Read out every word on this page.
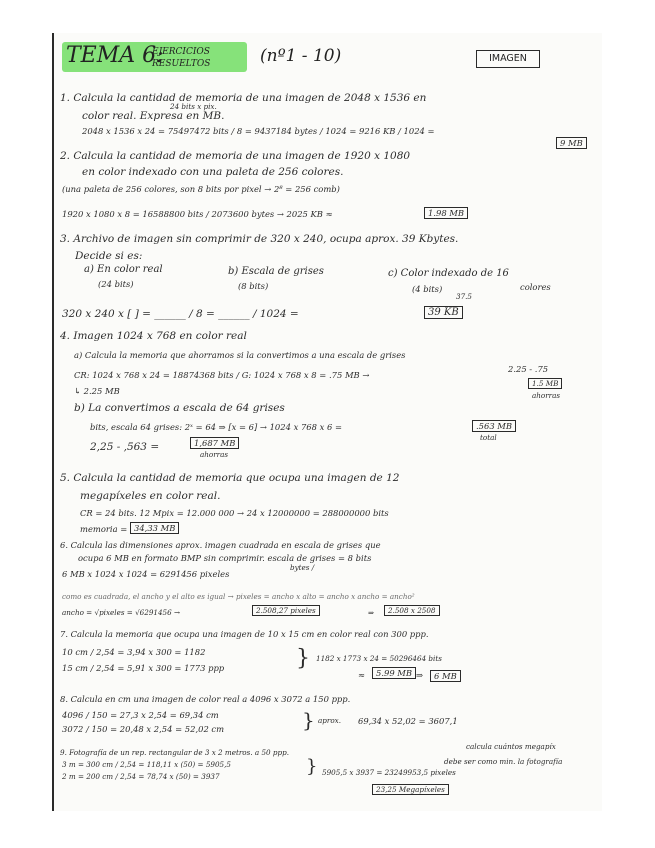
TEMA 6:
EJERCICIOS
RESUELTOS	(nº1 - 10)	IMAGEN
1. Calcula la cantidad de memoria de una imagen de 2048 x 1536 en
24 bits x pix.
color real. Expresa en MB.
2048 x 1536 x 24 = 75497472 bits / 8 = 9437184 bytes / 1024 = 9216 KB / 1024 =
9 MB
2. Calcula la cantidad de memoria de una imagen de 1920 x 1080
en color indexado con una paleta de 256 colores.
(una paleta de 256 colores, son 8 bits por pixel → 2⁸ = 256 comb)
1920 x 1080 x 8 = 16588800 bits / 2073600 bytes → 2025 KB ≈	1.98 MB
3. Archivo de imagen sin comprimir de 320 x 240, ocupa aprox. 39 Kbytes.
Decide si es:
a) En color real
(24 bits)
b) Escala de grises
(8 bits)
c) Color indexado de 16
(4 bits)
37.5
colores
320 x 240 x [ ] = ______ / 8 = ______ / 1024 =	39 KB
4. Imagen 1024 x 768 en color real
a) Calcula la memoria que ahorramos si la convertimos a una escala de grises
CR: 1024 x 768 x 24 = 18874368 bits / G: 1024 x 768 x 8 = .75 MB →
2.25 - .75
1.5 MB
ahorras
↳ 2.25 MB
b) La convertimos a escala de 64 grises
bits, escala 64 grises: 2ˣ = 64 ⇒ [x = 6] → 1024 x 768 x 6 =	.563 MB
total
2,25 - ,563 =	1,687 MB
ahorras
5. Calcula la cantidad de memoria que ocupa una imagen de 12
megapíxeles en color real.
CR = 24 bits. 12 Mpix = 12.000 000 → 24 x 12000000 = 288000000 bits
memoria = 34,33 MB
6. Calcula las dimensiones aprox. imagen cuadrada en escala de grises que
ocupa 6 MB en formato BMP sin comprimir. escala de grises = 8 bits
6 MB x 1024 x 1024 = 6291456 pixeles
bytes /
como es cuadrada, el ancho y el alto es igual → pixeles = ancho x alto = ancho x ancho = ancho²
ancho = √pixeles = √6291456 →	2.508,27 pixeles	⇒	2.508 x 2508
7. Calcula la memoria que ocupa una imagen de 10 x 15 cm en color real con 300 ppp.
10 cm / 2,54 = 3,94 x 300 = 1182
15 cm / 2,54 = 5,91 x 300 = 1773 ppp	} 1182 x 1773 x 24 = 50296464 bits
≈	5.99 MB ⇒	6 MB
8. Calcula en cm una imagen de color real a 4096 x 3072 a 150 ppp.
4096 / 150 = 27,3 x 2,54 = 69,34 cm
3072 / 150 = 20,48 x 2,54 = 52,02 cm	} aprox. 69,34 x 52,02 = 3607,1
9. Fotografía de un rep. rectangular de 3 x 2 metros. a 50 ppp.
calcula cuántos megapíx
debe ser como min. la fotografía
3 m = 300 cm / 2,54 = 118,11 x (50) = 5905,5
2 m = 200 cm / 2,54 = 78,74 x (50) = 3937	} 5905,5 x 3937 = 23249953,5 pixeles
23,25 Megapíxeles
